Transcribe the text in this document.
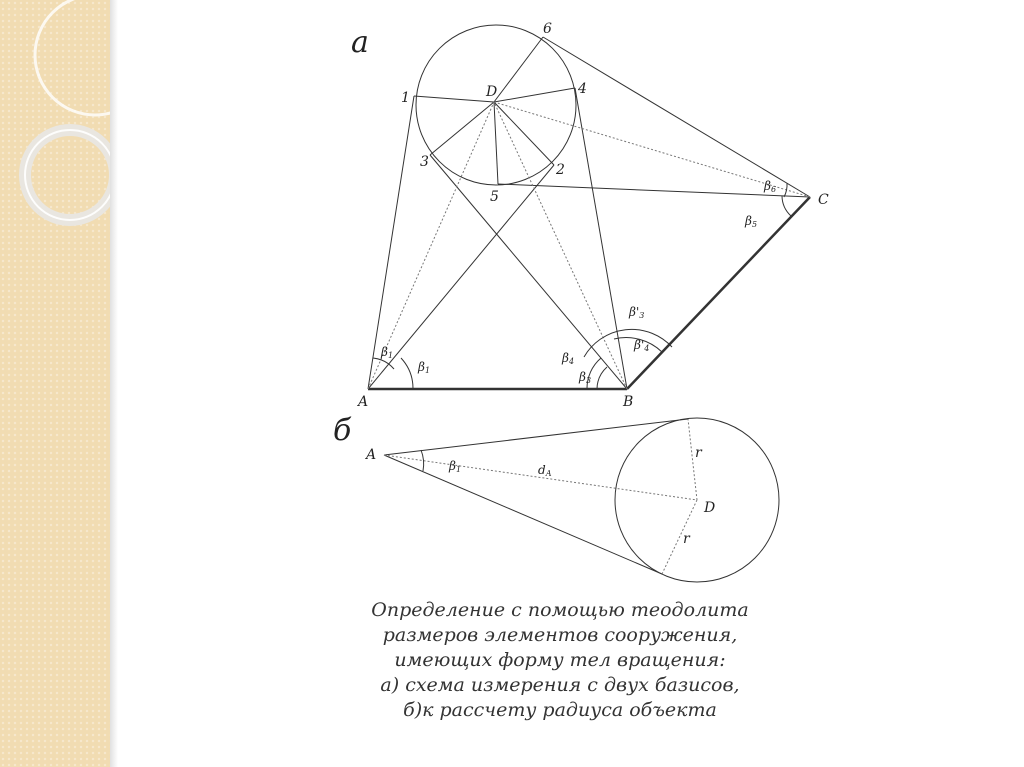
а
1
2
3
4
5
6
D
A	B
C
β1
β1
β4
β3
β'3
β'4
β5
β6
б
A
D
β1	dA
r
r
Определение с помощью теодолита
размеров элементов сооружения,
имеющих форму тел вращения:
а) схема измерения с двух базисов,
б)к рассчету радиуса объекта
